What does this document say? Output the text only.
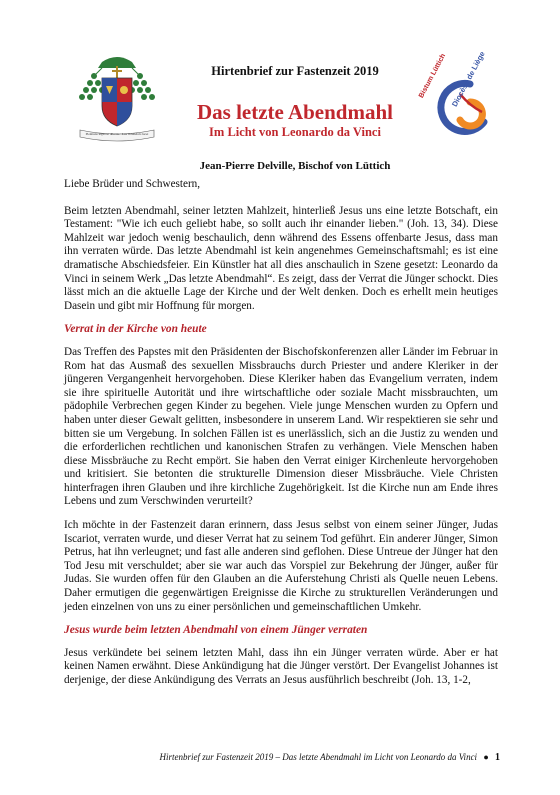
Plenitudo legis est dilectio · Lux in tenebris lucet
Hirtenbrief zur Fastenzeit 2019
Das letzte Abendmahl
Im Licht von Leonardo da Vinci
Jean-Pierre Delville, Bischof von Lüttich
Bistum Lüttich Diocèse de Liège

Liebe Brüder und Schwestern,

Beim letzten Abendmahl, seiner letzten Mahlzeit, hinterließ Jesus uns eine letzte Botschaft, ein Testament: "Wie ich euch geliebt habe, so sollt auch ihr einander lieben." (Joh. 13, 34). Diese Mahlzeit war jedoch wenig beschaulich, denn während des Essens offenbarte Jesus, dass man ihn verraten würde. Das letzte Abendmahl ist kein angenehmes Gemeinschaftsmahl; es ist eine dramatische Abschiedsfeier. Ein Künstler hat all dies anschaulich in Szene gesetzt: Leonardo da Vinci in seinem Werk „Das letzte Abendmahl“. Es zeigt, dass der Verrat die Jünger schockt. Dies lässt mich an die aktuelle Lage der Kirche und der Welt denken. Doch es erhellt mein heutiges Dasein und gibt mir Hoffnung für morgen.

Verrat in der Kirche von heute

Das Treffen des Papstes mit den Präsidenten der Bischofskonferenzen aller Länder im Februar in Rom hat das Ausmaß des sexuellen Missbrauchs durch Priester und andere Kleriker in der jüngeren Vergangenheit hervorgehoben. Diese Kleriker haben das Evangelium verraten, indem sie ihre spirituelle Autorität und ihre wirtschaftliche oder soziale Macht missbrauchten, um pädophile Verbrechen gegen Kinder zu begehen. Viele junge Menschen wurden zu Opfern und haben unter dieser Gewalt gelitten, insbesondere in unserem Land. Wir respektieren sie sehr und bitten sie um Vergebung. In solchen Fällen ist es unerlässlich, sich an die Justiz zu wenden und die erforderlichen rechtlichen und kanonischen Strafen zu verhängen. Viele Menschen haben diese Missbräuche zu Recht empört. Sie haben den Verrat einiger Kirchenleute hervorgehoben und kritisiert. Sie betonten die strukturelle Dimension dieser Missbräuche. Viele Christen hinterfragen ihren Glauben und ihre kirchliche Zugehörigkeit. Ist die Kirche nun am Ende ihres Lebens und zum Verschwinden verurteilt?

Ich möchte in der Fastenzeit daran erinnern, dass Jesus selbst von einem seiner Jünger, Judas Iscariot, verraten wurde, und dieser Verrat hat zu seinem Tod geführt. Ein anderer Jünger, Simon Petrus, hat ihn verleugnet; und fast alle anderen sind geflohen. Diese Untreue der Jünger hat den Tod Jesu mit verschuldet; aber sie war auch das Vorspiel zur Bekehrung der Jünger, außer für Judas. Sie wurden offen für den Glauben an die Auferstehung Christi als Quelle neuen Lebens. Daher ermutigen die gegenwärtigen Ereignisse die Kirche zu strukturellen Veränderungen und jeden einzelnen von uns zu einer persönlichen und gemeinschaftlichen Umkehr.

Jesus wurde beim letzten Abendmahl von einem Jünger verraten

Jesus verkündete bei seinem letzten Mahl, dass ihn ein Jünger verraten würde. Aber er hat keinen Namen erwähnt. Diese Ankündigung hat die Jünger verstört. Der Evangelist Johannes ist derjenige, der diese Ankündigung des Verrats an Jesus ausführlich beschreibt (Joh. 13, 1-2,

Hirtenbrief zur Fastenzeit 2019 – Das letzte Abendmahl im Licht von Leonardo da Vinci ● 1
